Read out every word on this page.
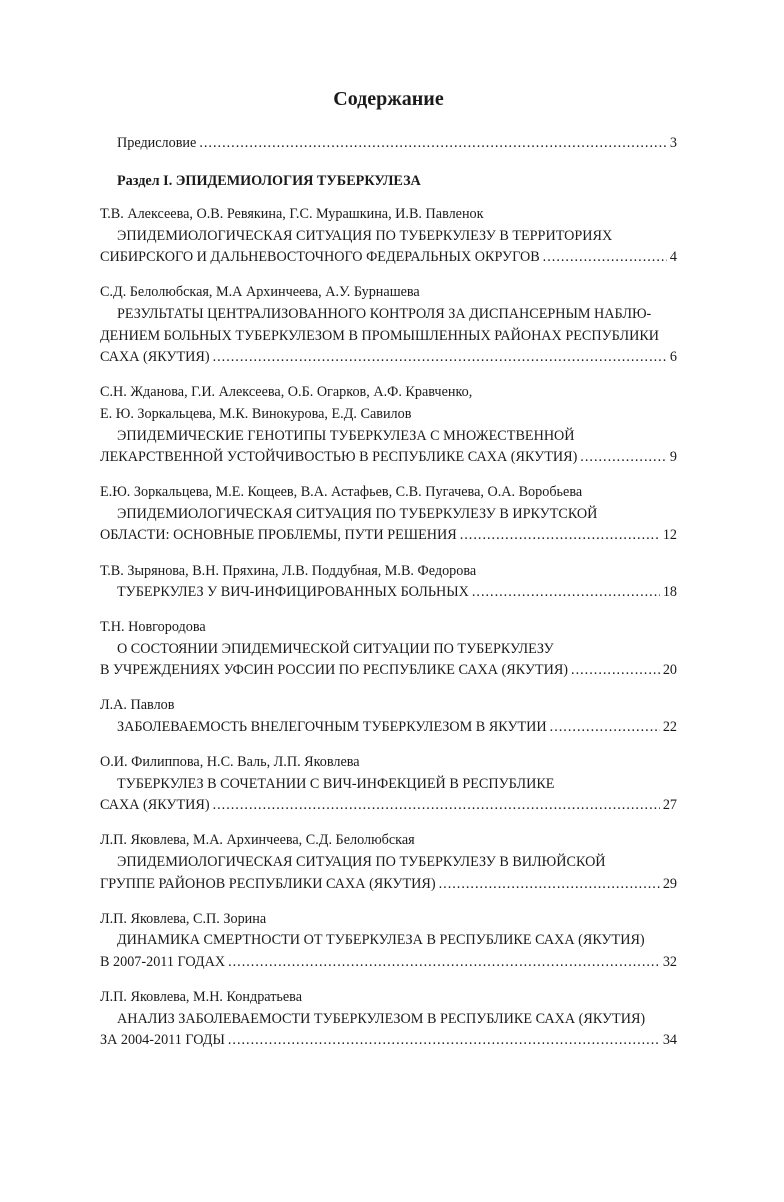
Содержание
Предисловие .....	3
Раздел I. ЭПИДЕМИОЛОГИЯ ТУБЕРКУЛЕЗА
Т.В. Алексеева, О.В. Ревякина, Г.С. Мурашкина, И.В. Павленок
ЭПИДЕМИОЛОГИЧЕСКАЯ СИТУАЦИЯ ПО ТУБЕРКУЛЕЗУ В ТЕРРИТОРИЯХ
СИБИРСКОГО И ДАЛЬНЕВОСТОЧНОГО ФЕДЕРАЛЬНЫХ ОКРУГОВ .....	4
С.Д. Белолюбская, М.А Архинчеева, А.У. Бурнашева
РЕЗУЛЬТАТЫ ЦЕНТРАЛИЗОВАННОГО КОНТРОЛЯ ЗА ДИСПАНСЕРНЫМ НАБЛЮ-
ДЕНИЕМ БОЛЬНЫХ ТУБЕРКУЛЕЗОМ В ПРОМЫШЛЕННЫХ РАЙОНАХ РЕСПУБЛИКИ
САХА (ЯКУТИЯ) .....	6
С.Н. Жданова, Г.И. Алексеева, О.Б. Огарков, А.Ф. Кравченко,
Е. Ю. Зоркальцева, М.К. Винокурова, Е.Д. Савилов
ЭПИДЕМИЧЕСКИЕ ГЕНОТИПЫ ТУБЕРКУЛЕЗА С МНОЖЕСТВЕННОЙ
ЛЕКАРСТВЕННОЙ УСТОЙЧИВОСТЬЮ В РЕСПУБЛИКЕ САХА (ЯКУТИЯ) .....	9
Е.Ю. Зоркальцева, М.Е. Кощеев, В.А. Астафьев, С.В. Пугачева, О.А. Воробьева
ЭПИДЕМИОЛОГИЧЕСКАЯ СИТУАЦИЯ ПО ТУБЕРКУЛЕЗУ В ИРКУТСКОЙ
ОБЛАСТИ: ОСНОВНЫЕ ПРОБЛЕМЫ, ПУТИ РЕШЕНИЯ .....	12
Т.В. Зырянова, В.Н. Пряхина, Л.В. Поддубная, М.В. Федорова
ТУБЕРКУЛЕЗ У ВИЧ-ИНФИЦИРОВАННЫХ БОЛЬНЫХ .....	18
Т.Н. Новгородова
О СОСТОЯНИИ ЭПИДЕМИЧЕСКОЙ СИТУАЦИИ ПО ТУБЕРКУЛЕЗУ
В УЧРЕЖДЕНИЯХ УФСИН РОССИИ ПО РЕСПУБЛИКЕ САХА (ЯКУТИЯ) .....	20
Л.А. Павлов
ЗАБОЛЕВАЕМОСТЬ ВНЕЛЕГОЧНЫМ ТУБЕРКУЛЕЗОМ В ЯКУТИИ .....	22
О.И. Филиппова, Н.С. Валь, Л.П. Яковлева
ТУБЕРКУЛЕЗ В СОЧЕТАНИИ С ВИЧ-ИНФЕКЦИЕЙ В РЕСПУБЛИКЕ
САХА (ЯКУТИЯ) .....	27
Л.П. Яковлева, М.А. Архинчеева, С.Д. Белолюбская
ЭПИДЕМИОЛОГИЧЕСКАЯ СИТУАЦИЯ ПО ТУБЕРКУЛЕЗУ В ВИЛЮЙСКОЙ
ГРУППЕ РАЙОНОВ РЕСПУБЛИКИ САХА (ЯКУТИЯ) .....	29
Л.П. Яковлева, С.П. Зорина
ДИНАМИКА СМЕРТНОСТИ ОТ ТУБЕРКУЛЕЗА В РЕСПУБЛИКЕ САХА (ЯКУТИЯ)
В 2007-2011 ГОДАХ .....	32
Л.П. Яковлева, М.Н. Кондратьева
АНАЛИЗ ЗАБОЛЕВАЕМОСТИ ТУБЕРКУЛЕЗОМ В РЕСПУБЛИКЕ САХА (ЯКУТИЯ)
ЗА 2004-2011 ГОДЫ .....	34
